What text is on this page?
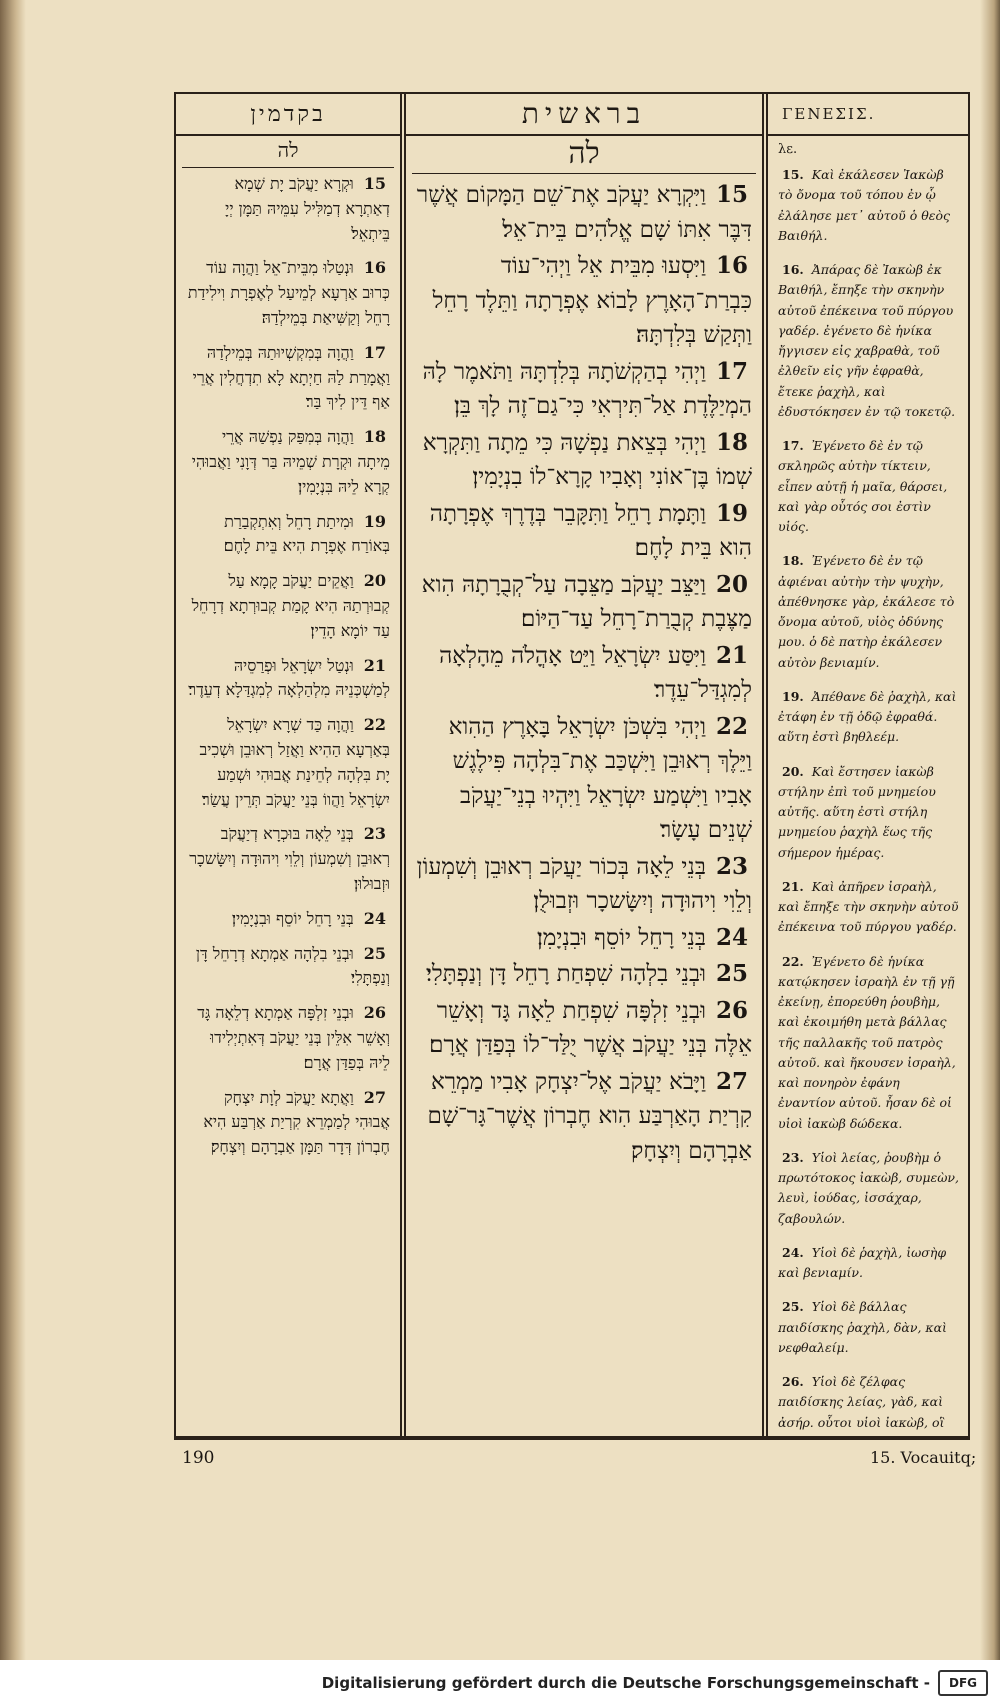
בקדמין
לה
15
וּקְרָא יַעֲקֹב יָת שְׁמָא דְאַתְרָא דְמַלִּיל עִמֵּיהּ תַּמָּן יְיָ בֵּיתְאֵל׃
16
וּנְטַלוּ מִבֵּית־אֵל וַהֲוָה עוֹד כְּרוּב אַרְעָא לְמֵיעַל לְאֶפְרָת וִילִידַת רָחֵל וְקַשִּׁיאַת בְּמֵילְדַהּ׃
17
וַהֲוָה בְּמִקְשְׁיוּתַהּ בְּמֵילְדַהּ וַאֲמָרַת לַהּ חַיְתָא לָא תִדְחֲלִין אֲרֵי אַף דֵּין לִיךְ בַּר׃
18
וַהֲוָה בְּמִפַּק נַפְשַׁהּ אֲרֵי מֵיתָה וּקְרָת שְׁמֵיהּ בַּר דְּוָנִי וַאֲבוּהִי קְרָא לֵיהּ בִּנְיָמִין׃
19
וּמִיתַת רָחֵל וְאִתְקְבַרַת בְּאוֹרַח אֶפְרָת הִיא בֵּית לָחֶם׃
20
וַאֲקֵים יַעֲקֹב קָמָא עַל קְבוּרְתַהּ הִיא קָמַת קְבוּרְתָא דְרָחֵל עַד יוֹמָא הָדֵין׃
21
וּנְטַל יִשְׂרָאֵל וּפְרַסֵיהּ לְמַשְׁכְּנֵיהּ מִלְהַלְאָה לְמִגְדַּלָא דְעֵדֶר׃
22
וַהֲוָה כַּד שְׁרָא יִשְׂרָאֵל בְּאַרְעָא הַהִיא וַאֲזַל רְאוּבֵן וּשְׁכִיב יָת בִּלְהָה לְחֵינַת אֲבוּהִי וּשְׁמַע יִשְׂרָאֵל וַהֲווֹ בְּנֵי יַעֲקֹב תְּרֵין עֲשַׂר׃
23
בְּנֵי לֵאָה בּוּכְרָא דְיַעֲקֹב רְאוּבֵן וְשִׁמְעוֹן וְלֵוִי וִיהוּדָה וְיִשָּׂשכָר וּזְבוּלוּן׃
24
בְּנֵי רָחֵל יוֹסֵף וּבִנְיָמִין׃
25
וּבְנֵי בִלְהָה אַמְתָא דְרָחֵל דָּן וְנַפְתָּלִי׃
26
וּבְנֵי זִלְפָּה אַמְתָא דְלֵאָה גָּד וְאָשֵׁר אִלֵּין בְּנֵי יַעֲקֹב דְּאִתְיְלִידוּ לֵיהּ בְּפַדַּן אֲרָם׃
27
וַאֲתָא יַעֲקֹב לְוָת יִצְחָק אֲבוּהִי לְמַמְרֵא קִרְיַת אַרְבַּע הִיא חֶבְרוֹן דְּדָר תַּמָּן אַבְרָהָם וְיִצְחָק׃
בראשית
לה
15
וַיִּקְרָא יַעֲקֹב אֶת־שֵׁם הַמָּקוֹם אֲשֶׁר דִּבֶּר אִתּוֹ שָׁם אֱלֹהִים בֵּית־אֵל׃
16
וַיִּסְעוּ מִבֵּית אֵל וַיְהִי־עוֹד כִּבְרַת־הָאָרֶץ לָבוֹא אֶפְרָתָה וַתֵּלֶד רָחֵל וַתְּקַשׁ בְּלִדְתָּהּ׃
17
וַיְהִי בְהַקְשֹׁתָהּ בְּלִדְתָּהּ וַתֹּאמֶר לָהּ הַמְיַלֶּדֶת אַל־תִּירְאִי כִּי־גַם־זֶה לָךְ בֵּן׃
18
וַיְהִי בְּצֵאת נַפְשָׁהּ כִּי מֵתָה וַתִּקְרָא שְׁמוֹ בֶּן־אוֹנִי וְאָבִיו קָרָא־לוֹ בִנְיָמִין׃
19
וַתָּמָת רָחֵל וַתִּקָּבֵר בְּדֶרֶךְ אֶפְרָתָה הִוא בֵּית לָחֶם׃
20
וַיַּצֵּב יַעֲקֹב מַצֵּבָה עַל־קְבֻרָתָהּ הִוא מַצֶּבֶת קְבֻרַת־רָחֵל עַד־הַיּוֹם׃
21
וַיִּסַּע יִשְׂרָאֵל וַיֵּט אָהֳלֹה מֵהָלְאָה לְמִגְדַּל־עֵדֶר׃
22
וַיְהִי בִּשְׁכֹּן יִשְׂרָאֵל בָּאָרֶץ הַהִוא וַיֵּלֶךְ רְאוּבֵן וַיִּשְׁכַּב אֶת־בִּלְהָה פִּילֶגֶשׁ אָבִיו וַיִּשְׁמַע יִשְׂרָאֵל וַיִּהְיוּ בְנֵי־יַעֲקֹב שְׁנֵים עָשָׂר׃
23
בְּנֵי לֵאָה בְּכוֹר יַעֲקֹב רְאוּבֵן וְשִׁמְעוֹן וְלֵוִי וִיהוּדָה וְיִשָּׂשכָר וּזְבוּלֻן׃
24
בְּנֵי רָחֵל יוֹסֵף וּבִנְיָמִן׃
25
וּבְנֵי בִלְהָה שִׁפְחַת רָחֵל דָּן וְנַפְתָּלִי׃
26
וּבְנֵי זִלְפָּה שִׁפְחַת לֵאָה גָּד וְאָשֵׁר אֵלֶּה בְּנֵי יַעֲקֹב אֲשֶׁר יֻלַּד־לוֹ בְּפַדַּן אֲרָם׃
27
וַיָּבֹא יַעֲקֹב אֶל־יִצְחָק אָבִיו מַמְרֵא קִרְיַת הָאַרְבַּע הִוא חֶבְרוֹן אֲשֶׁר־גָּר־שָׁם אַבְרָהָם וְיִצְחָק׃
ΓΕΝΕΣΙΣ.
λε.
15. Καὶ ἐκάλεσεν Ἰακὼβ τὸ ὄνομα τοῦ τόπου ἐν ᾧ ἐλάλησε μετ᾽ αὐτοῦ ὁ θεὸς Βαιθήλ.
16. Ἀπάρας δὲ Ἰακὼβ ἐκ Βαιθήλ, ἔπηξε τὴν σκηνὴν αὐτοῦ ἐπέκεινα τοῦ πύργου γαδέρ. ἐγένετο δὲ ἡνίκα ἤγγισεν εἰς χαβραθὰ, τοῦ ἐλθεῖν εἰς γῆν ἐφραθὰ, ἔτεκε ῥαχὴλ, καὶ ἐδυστόκησεν ἐν τῷ τοκετῷ.
17. Ἐγένετο δὲ ἐν τῷ σκληρῶς αὐτὴν τίκτειν, εἶπεν αὐτῇ ἡ μαῖα, θάρσει, καὶ γὰρ οὗτός σοι ἐστὶν υἱός.
18. Ἐγένετο δὲ ἐν τῷ ἀφιέναι αὐτὴν τὴν ψυχὴν, ἀπέθνησκε γὰρ, ἐκάλεσε τὸ ὄνομα αὐτοῦ, υἱὸς ὀδύνης μου. ὁ δὲ πατὴρ ἐκάλεσεν αὐτὸν βενιαμίν.
19. Ἀπέθανε δὲ ῥαχὴλ, καὶ ἐτάφη ἐν τῇ ὁδῷ ἐφραθά. αὕτη ἐστὶ βηθλεέμ.
20. Καὶ ἔστησεν ἰακὼβ στήλην ἐπὶ τοῦ μνημείου αὐτῆς. αὕτη ἐστὶ στήλη μνημείου ῥαχὴλ ἕως τῆς σήμερον ἡμέρας.
21. Καὶ ἀπῆρεν ἰσραὴλ, καὶ ἔπηξε τὴν σκηνὴν αὐτοῦ ἐπέκεινα τοῦ πύργου γαδέρ.
22. Ἐγένετο δὲ ἡνίκα κατῴκησεν ἰσραὴλ ἐν τῇ γῇ ἐκείνῃ, ἐπορεύθη ῥουβὴμ, καὶ ἐκοιμήθη μετὰ βάλλας τῆς παλλακῆς τοῦ πατρὸς αὐτοῦ. καὶ ἤκουσεν ἰσραὴλ, καὶ πονηρὸν ἐφάνη ἐναντίον αὐτοῦ. ἦσαν δὲ οἱ υἱοὶ ἰακὼβ δώδεκα.
23. Υἱοὶ λείας, ῥουβὴμ ὁ πρωτότοκος ἰακὼβ, συμεὼν, λευὶ, ἰούδας, ἰσσάχαρ, ζαβουλών.
24. Υἱοὶ δὲ ῥαχὴλ, ἰωσὴφ καὶ βενιαμίν.
25. Υἱοὶ δὲ βάλλας παιδίσκης ῥαχὴλ, δὰν, καὶ νεφθαλείμ.
26. Υἱοὶ δὲ ζέλφας παιδίσκης λείας, γὰδ, καὶ ἀσήρ. οὗτοι υἱοὶ ἰακὼβ, οἳ
190	15. Vocauitq;
Digitalisierung gefördert durch die Deutsche Forschungsgemeinschaft -	DFG
